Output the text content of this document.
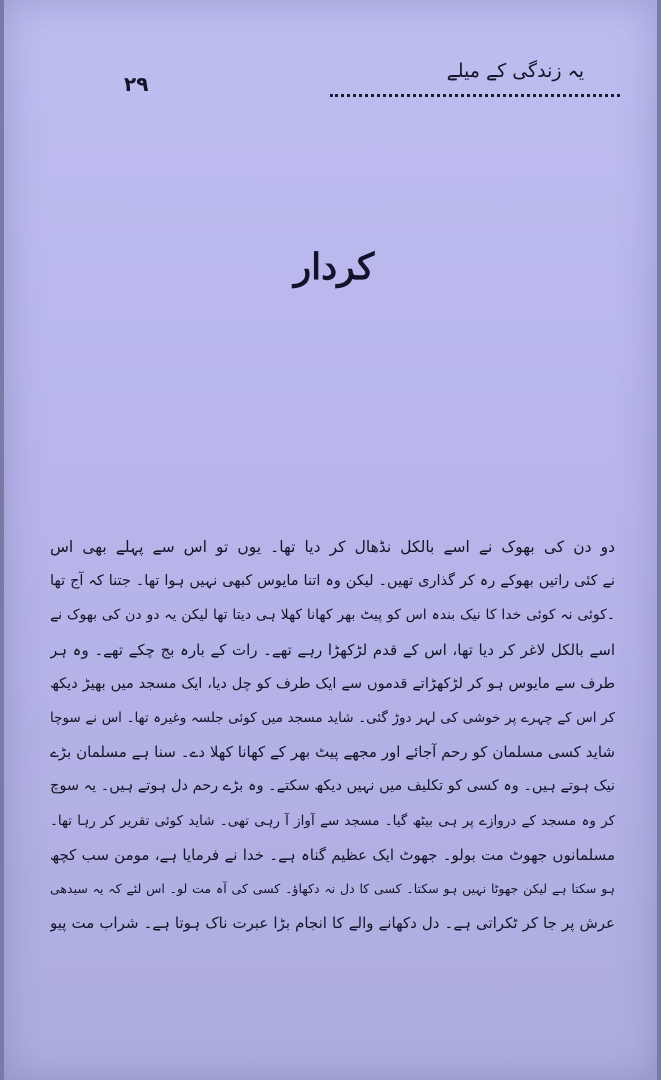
یہ زندگی کے میلے
۲۹
کردار
دو دن کی بھوک نے اسے بالکل نڈھال کر دیا تھا۔ یوں تو اس سے پہلے بھی اس
نے کئی راتیں بھوکے رہ کر گذاری تھیں۔ لیکن وہ اتنا مایوس کبھی نہیں ہوا تھا۔ جتنا کہ آج تھا
۔کوئی نہ کوئی خدا کا نیک بندہ اس کو پیٹ بھر کھانا کھلا ہی دیتا تھا لیکن یہ دو دن کی بھوک نے
اسے بالکل لاغر کر دیا تھا، اس کے قدم لڑکھڑا رہے تھے۔ رات کے بارہ بج چکے تھے۔ وہ ہر
طرف سے مایوس ہو کر لڑکھڑاتے قدموں سے ایک طرف کو چل دیا، ایک مسجد میں بھیڑ دیکھ
کر اس کے چہرے پر خوشی کی لہر دوڑ گئی۔ شاید مسجد میں کوئی جلسہ وغیرہ تھا۔ اس نے سوچا
شاید کسی مسلمان کو رحم آجائے اور مجھے پیٹ بھر کے کھانا کھلا دے۔ سنا ہے مسلمان بڑے
نیک ہوتے ہیں۔ وہ کسی کو تکلیف میں نہیں دیکھ سکتے۔ وہ بڑے رحم دل ہوتے ہیں۔ یہ سوچ
کر وہ مسجد کے دروازے پر ہی بیٹھ گیا۔ مسجد سے آواز آ رہی تھی۔ شاید کوئی تقریر کر رہا تھا۔
مسلمانوں جھوٹ مت بولو۔ جھوٹ ایک عظیم گناہ ہے۔ خدا نے فرمایا ہے، مومن سب کچھ
ہو سکتا ہے لیکن جھوٹا نہیں ہو سکتا۔ کسی کا دل نہ دکھاؤ۔ کسی کی آہ مت لو۔ اس لئے کہ یہ سیدھی
عرش پر جا کر ٹکراتی ہے۔ دل دکھانے والے کا انجام بڑا عبرت ناک ہوتا ہے۔ شراب مت پیو
